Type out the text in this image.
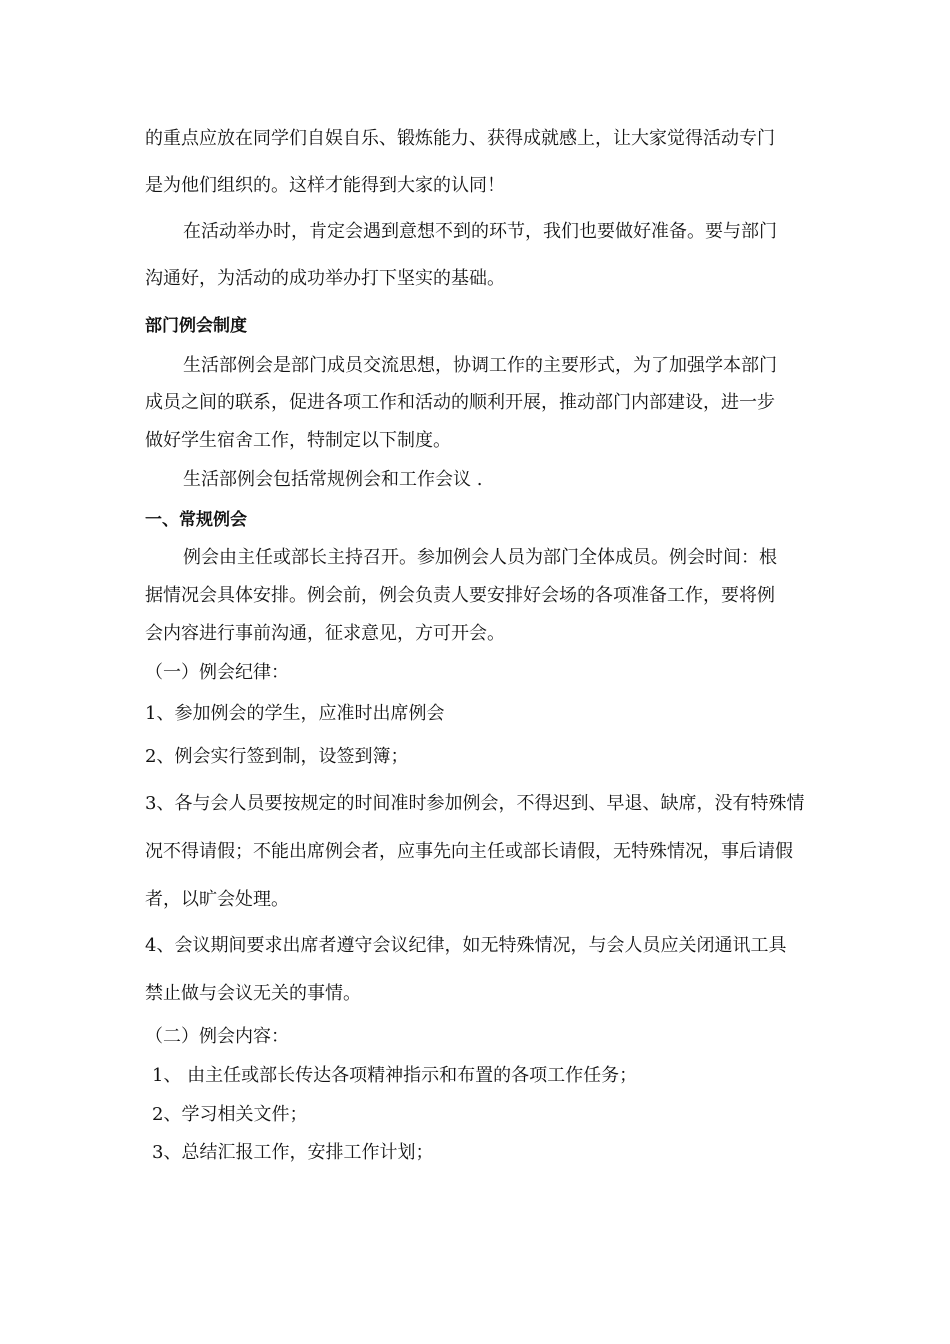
的重点应放在同学们自娱自乐、锻炼能力、获得成就感上，让大家觉得活动专门
是为他们组织的。这样才能得到大家的认同！
在活动举办时，肯定会遇到意想不到的环节，我们也要做好准备。要与部门
沟通好，为活动的成功举办打下坚实的基础。
部门例会制度
生活部例会是部门成员交流思想，协调工作的主要形式，为了加强学本部门
成员之间的联系，促进各项工作和活动的顺利开展，推动部门内部建设，进一步
做好学生宿舍工作，特制定以下制度。
生活部例会包括常规例会和工作会议 .
一、常规例会
例会由主任或部长主持召开。参加例会人员为部门全体成员。例会时间：根
据情况会具体安排。例会前，例会负责人要安排好会场的各项准备工作，要将例
会内容进行事前沟通，征求意见，方可开会。
（一）例会纪律：
1、参加例会的学生，应准时出席例会
2、例会实行签到制，设签到簿；
3、各与会人员要按规定的时间准时参加例会，不得迟到、早退、缺席，没有特殊情
况不得请假；不能出席例会者，应事先向主任或部长请假，无特殊情况，事后请假
者，以旷会处理。
4、会议期间要求出席者遵守会议纪律，如无特殊情况，与会人员应关闭通讯工具
禁止做与会议无关的事情。
（二）例会内容：
1、 由主任或部长传达各项精神指示和布置的各项工作任务；
2、学习相关文件；
3、总结汇报工作，安排工作计划；
